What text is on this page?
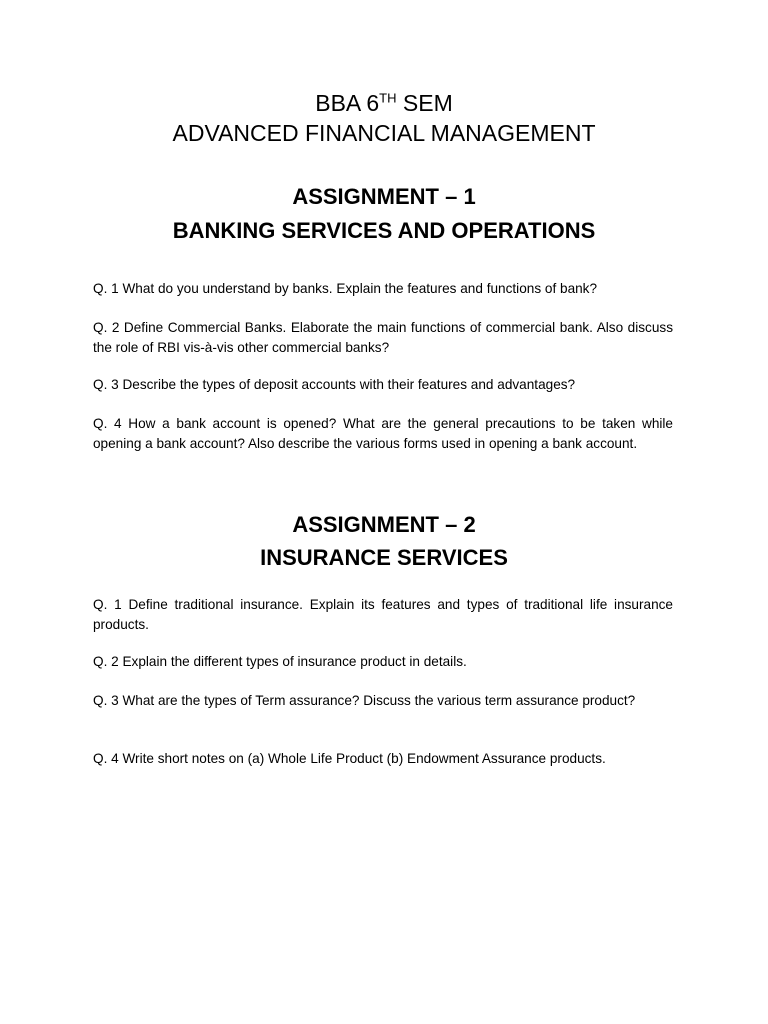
BBA 6TH SEM
ADVANCED FINANCIAL MANAGEMENT
ASSIGNMENT – 1
BANKING SERVICES AND OPERATIONS

Q. 1 What do you understand by banks. Explain the features and functions of bank?

Q. 2 Define Commercial Banks. Elaborate the main functions of commercial bank. Also discuss the role of RBI vis-à-vis other commercial banks?

Q. 3 Describe the types of deposit accounts with their features and advantages?

Q. 4 How a bank account is opened? What are the general precautions to be taken while opening a bank account? Also describe the various forms used in opening a bank account.

ASSIGNMENT – 2
INSURANCE SERVICES

Q. 1 Define traditional insurance. Explain its features and types of traditional life insurance products.

Q. 2 Explain the different types of insurance product in details.

Q. 3 What are the types of Term assurance? Discuss the various term assurance product?

Q. 4 Write short notes on (a) Whole Life Product (b) Endowment Assurance products.
